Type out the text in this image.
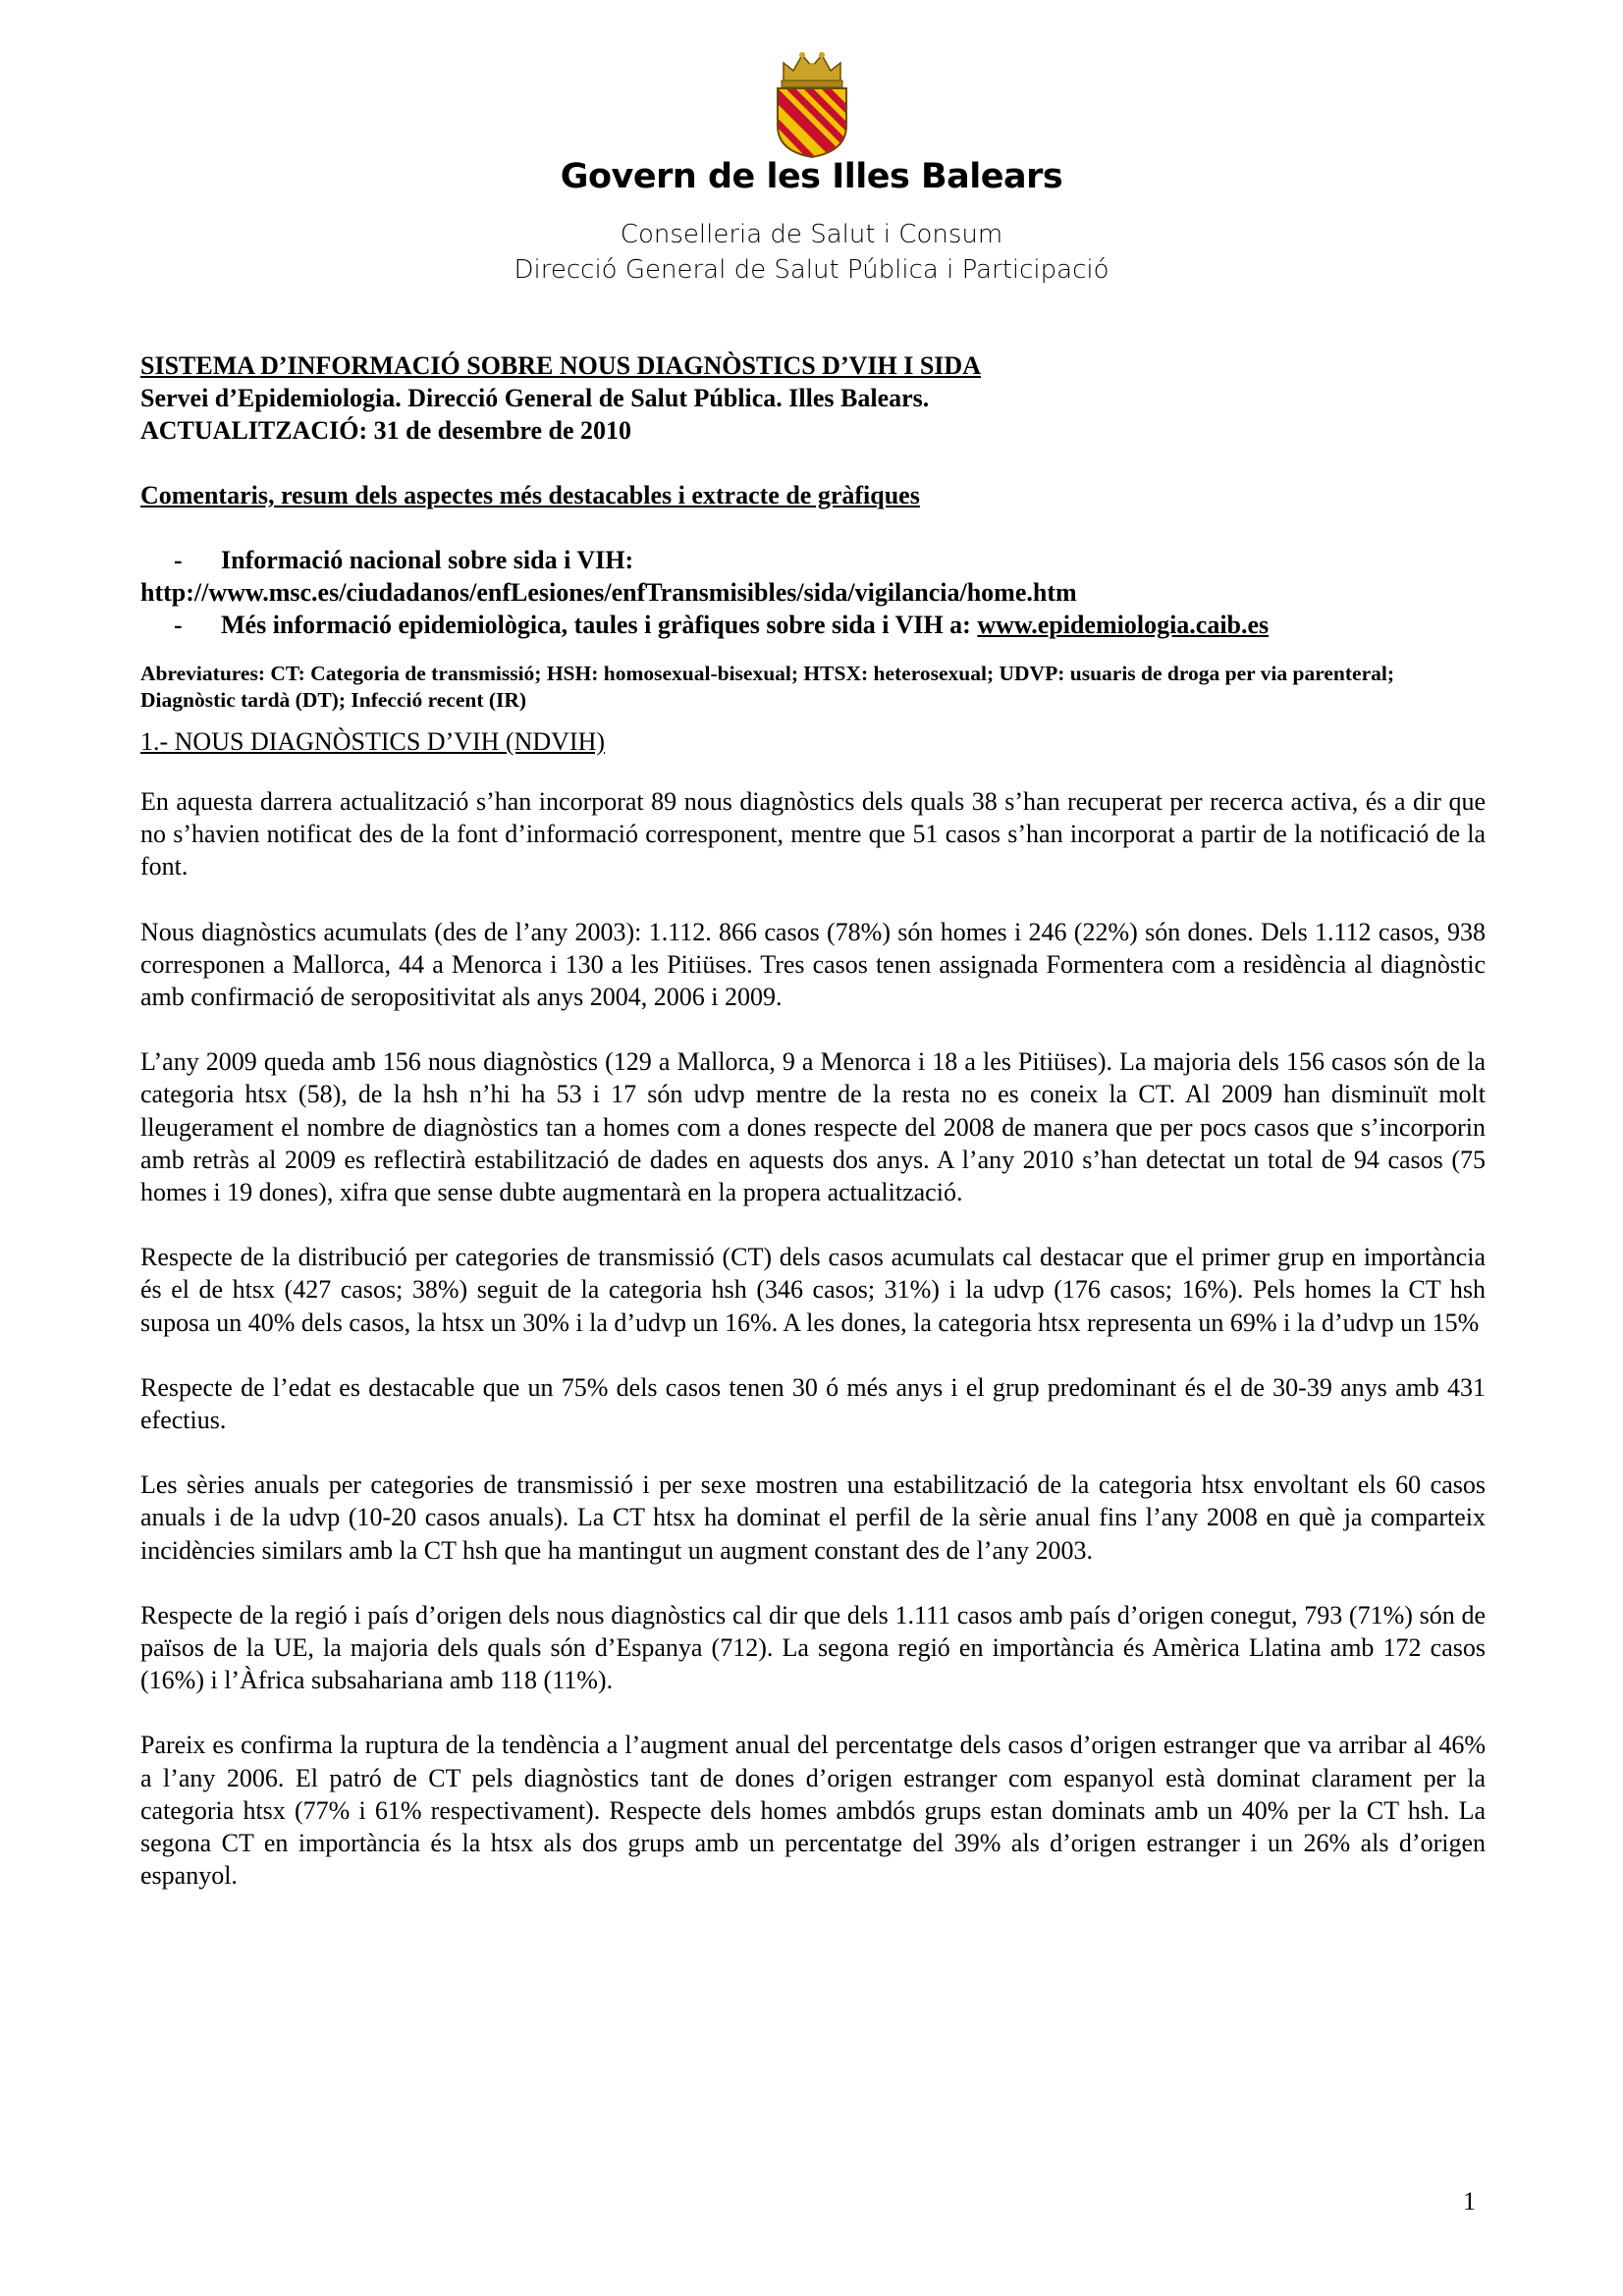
Govern de les Illes Balears
Conselleria de Salut i Consum
Direcció General de Salut Pública i Participació

SISTEMA D’INFORMACIÓ SOBRE NOUS DIAGNÒSTICS D’VIH I SIDA

Servei d’Epidemiologia. Direcció General de Salut Pública. Illes Balears.

ACTUALITZACIÓ: 31 de desembre de 2010

Comentaris, resum dels aspectes més destacables i extracte de gràfiques

- Informació nacional sobre sida i VIH:

http://www.msc.es/ciudadanos/enfLesiones/enfTransmisibles/sida/vigilancia/home.htm

- Més informació epidemiològica, taules i gràfiques sobre sida i VIH a: www.epidemiologia.caib.es

Abreviatures: CT: Categoria de transmissió; HSH: homosexual-bisexual; HTSX: heterosexual; UDVP: usuaris de droga per via parenteral; Diagnòstic tardà (DT); Infecció recent (IR)

1.- NOUS DIAGNÒSTICS D’VIH (NDVIH)

En aquesta darrera actualització s’han incorporat 89 nous diagnòstics dels quals 38 s’han recuperat per recerca activa, és a dir que no s’havien notificat des de la font d’informació corresponent, mentre que 51 casos s’han incorporat a partir de la notificació de la font.

Nous diagnòstics acumulats (des de l’any 2003): 1.112. 866 casos (78%) són homes i 246 (22%) són dones. Dels 1.112 casos, 938 corresponen a Mallorca, 44 a Menorca i 130 a les Pitiüses. Tres casos tenen assignada Formentera com a residència al diagnòstic amb confirmació de seropositivitat als anys 2004, 2006 i 2009.

L’any 2009 queda amb 156 nous diagnòstics (129 a Mallorca, 9 a Menorca i 18 a les Pitiüses). La majoria dels 156 casos són de la categoria htsx (58), de la hsh n’hi ha 53 i 17 són udvp mentre de la resta no es coneix la CT. Al 2009 han disminuït molt lleugerament el nombre de diagnòstics tan a homes com a dones respecte del 2008 de manera que per pocs casos que s’incorporin amb retràs al 2009 es reflectirà estabilització de dades en aquests dos anys. A l’any 2010 s’han detectat un total de 94 casos (75 homes i 19 dones), xifra que sense dubte augmentarà en la propera actualització.

Respecte de la distribució per categories de transmissió (CT) dels casos acumulats cal destacar que el primer grup en importància és el de htsx (427 casos; 38%) seguit de la categoria hsh (346 casos; 31%) i la udvp (176 casos; 16%). Pels homes la CT hsh suposa un 40% dels casos, la htsx un 30% i la d’udvp un 16%. A les dones, la categoria htsx representa un 69% i la d’udvp un 15%

Respecte de l’edat es destacable que un 75% dels casos tenen 30 ó més anys i el grup predominant és el de 30-39 anys amb 431 efectius.

Les sèries anuals per categories de transmissió i per sexe mostren una estabilització de la categoria htsx envoltant els 60 casos anuals i de la udvp (10-20 casos anuals). La CT htsx ha dominat el perfil de la sèrie anual fins l’any 2008 en què ja comparteix incidències similars amb la CT hsh que ha mantingut un augment constant des de l’any 2003.

Respecte de la regió i país d’origen dels nous diagnòstics cal dir que dels 1.111 casos amb país d’origen conegut, 793 (71%) són de països de la UE, la majoria dels quals són d’Espanya (712). La segona regió en importància és Amèrica Llatina amb 172 casos (16%) i l’Àfrica subsahariana amb 118 (11%).

Pareix es confirma la ruptura de la tendència a l’augment anual del percentatge dels casos d’origen estranger que va arribar al 46% a l’any 2006. El patró de CT pels diagnòstics tant de dones d’origen estranger com espanyol està dominat clarament per la categoria htsx (77% i 61% respectivament). Respecte dels homes ambdós grups estan dominats amb un 40% per la CT hsh. La segona CT en importància és la htsx als dos grups amb un percentatge del 39% als d’origen estranger i un 26% als d’origen espanyol.

1
